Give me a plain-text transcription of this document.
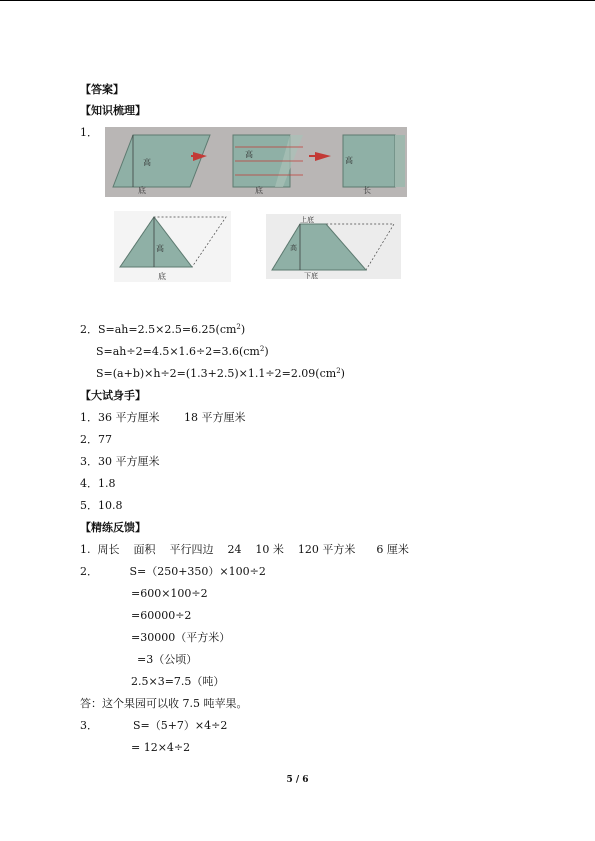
【答案】
【知识梳理】
1．
高
底
高
底
高
长
高
底
上底
高
下底
2．$S=ah=2.5\times 2.5=6.25(cm^2)$
$S=ah\div 2=4.5\times 1.6\div 2=3.6(cm^2)$
$S=(a+b)\times h\div 2=(1.3+2.5)\times 1.1\div 2=2.09(cm^2)$
【大试身手】
1．36 平方厘米       18 平方厘米
2．77
3．30 平方厘米
4．1.8
5．10.8
【精练反馈】
1.  周长    面积    平行四边    24    10 米    120 平方米      6 厘米
2．         S=（250+350）×100÷2
=600×100÷2
=60000÷2
=30000（平方米）
=3（公顷）
2.5×3=7.5（吨）
答：这个果园可以收 7.5 吨苹果。
3．          S=（5+7）×4÷2
= 12×4÷2
5 / 6
